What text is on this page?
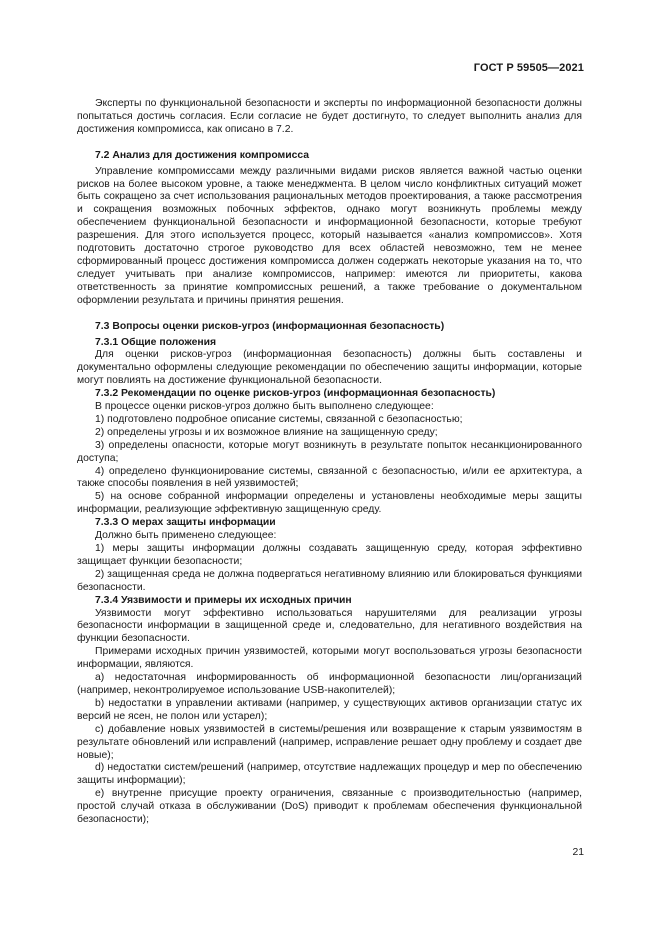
ГОСТ Р 59505—2021

Эксперты по функциональной безопасности и эксперты по информационной безопасности должны попытаться достичь согласия. Если согласие не будет достигнуто, то следует выполнить анализ для достижения компромисса, как описано в 7.2.

7.2 Анализ для достижения компромисса

Управление компромиссами между различными видами рисков является важной частью оценки рисков на более высоком уровне, а также менеджмента. В целом число конфликтных ситуаций может быть сокращено за счет использования рациональных методов проектирования, а также рассмотрения и сокращения возможных побочных эффектов, однако могут возникнуть проблемы между обеспечением функциональной безопасности и информационной безопасности, которые требуют разрешения. Для этого используется процесс, который называется «анализ компромиссов». Хотя подготовить достаточно строгое руководство для всех областей невозможно, тем не менее сформированный процесс достижения компромисса должен содержать некоторые указания на то, что следует учитывать при анализе компромиссов, например: имеются ли приоритеты, какова ответственность за принятие компромиссных решений, а также требование о документальном оформлении результата и причины принятия решения.

7.3 Вопросы оценки рисков-угроз (информационная безопасность)

7.3.1 Общие положения

Для оценки рисков-угроз (информационная безопасность) должны быть составлены и документально оформлены следующие рекомендации по обеспечению защиты информации, которые могут повлиять на достижение функциональной безопасности.

7.3.2 Рекомендации по оценке рисков-угроз (информационная безопасность)

В процессе оценки рисков-угроз должно быть выполнено следующее:

1) подготовлено подробное описание системы, связанной с безопасностью;

2) определены угрозы и их возможное влияние на защищенную среду;

3) определены опасности, которые могут возникнуть в результате попыток несанкционированного доступа;

4) определено функционирование системы, связанной с безопасностью, и/или ее архитектура, а также способы появления в ней уязвимостей;

5) на основе собранной информации определены и установлены необходимые меры защиты информации, реализующие эффективную защищенную среду.

7.3.3 О мерах защиты информации

Должно быть применено следующее:

1) меры защиты информации должны создавать защищенную среду, которая эффективно защищает функции безопасности;

2) защищенная среда не должна подвергаться негативному влиянию или блокироваться функциями безопасности.

7.3.4 Уязвимости и примеры их исходных причин

Уязвимости могут эффективно использоваться нарушителями для реализации угрозы безопасности информации в защищенной среде и, следовательно, для негативного воздействия на функции безопасности.

Примерами исходных причин уязвимостей, которыми могут воспользоваться угрозы безопасности информации, являются.

a) недостаточная информированность об информационной безопасности лиц/организаций (например, неконтролируемое использование USB-накопителей);

b) недостатки в управлении активами (например, у существующих активов организации статус их версий не ясен, не полон или устарел);

c) добавление новых уязвимостей в системы/решения или возвращение к старым уязвимостям в результате обновлений или исправлений (например, исправление решает одну проблему и создает две новые);

d) недостатки систем/решений (например, отсутствие надлежащих процедур и мер по обеспечению защиты информации);

e) внутренне присущие проекту ограничения, связанные с производительностью (например, простой случай отказа в обслуживании (DoS) приводит к проблемам обеспечения функциональной безопасности);

21
